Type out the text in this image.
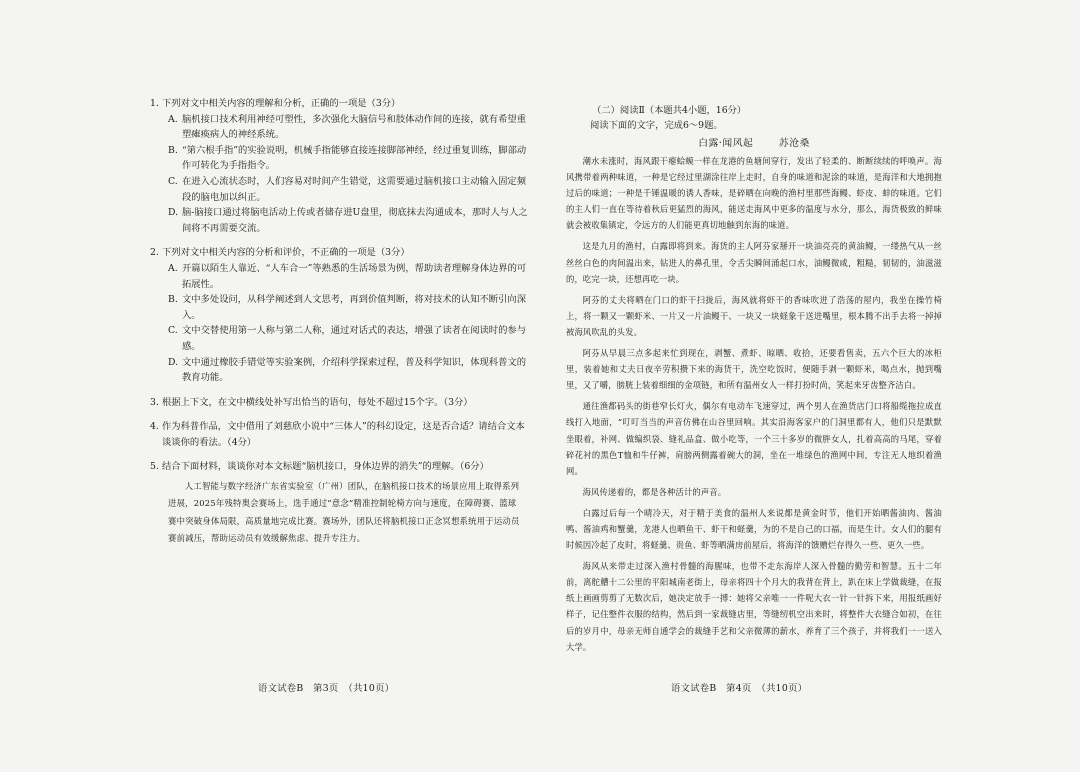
1. 下列对文中相关内容的理解和分析，正确的一项是（3分）
A. 脑机接口技术利用神经可塑性，多次强化大脑信号和肢体动作间的连接，就有希望重塑瘫痪病人的神经系统。
B. “第六根手指”的实验说明，机械手指能够直接连接脚部神经，经过重复训练，脚部动作可转化为手指指令。
C. 在进入心流状态时，人们容易对时间产生错觉，这需要通过脑机接口主动输入固定频段的脑电加以纠正。
D. 脑-脑接口通过将脑电活动上传或者储存进U盘里，彻底抹去沟通成本，那时人与人之间将不再需要交流。
2. 下列对文中相关内容的分析和评价，不正确的一项是（3分）
A. 开篇以陌生人靠近、“人车合一”等熟悉的生活场景为例，帮助读者理解身体边界的可拓展性。
B. 文中多处设问，从科学阐述到人文思考，再到价值判断，将对技术的认知不断引向深入。
C. 文中交替使用第一人称与第二人称，通过对话式的表达，增强了读者在阅读时的参与感。
D. 文中通过橡胶手错觉等实验案例，介绍科学探索过程，普及科学知识，体现科普文的教育功能。
3. 根据上下文，在文中横线处补写出恰当的语句，每处不超过15个字。（3分）
4. 作为科普作品，文中借用了刘慈欣小说中“三体人”的科幻设定，这是否合适？请结合文本谈谈你的看法。（4分）
5. 结合下面材料，谈谈你对本文标题“脑机接口，身体边界的消失”的理解。（6分）
人工智能与数字经济广东省实验室（广州）团队，在脑机接口技术的场景应用上取得系列进展，2025年残特奥会赛场上，选手通过“意念”精准控制轮椅方向与速度，在障碍赛、篮球赛中突破身体局限，高质量地完成比赛。赛场外，团队还将脑机接口正念冥想系统用于运动员赛前减压，帮助运动员有效缓解焦虑、提升专注力。
语文试卷B　第3页　（共10页）
（二）阅读Ⅱ（本题共4小题，16分）
阅读下面的文字，完成6～9题。
白露·闻风起	苏沧桑

潮水未涨时，海风跟干瘪蛤蟆一样在龙港的鱼塘间穿行，发出了轻柔的、断断续续的呼唤声。海风携带着两种味道，一种是它经过里湖涂往岸上走时，自身的味道和泥涂的味道，是海洋和大地拥抱过后的味道；一种是千锤温暖的诱人香味，是碎晒在向晚的渔村里那些海鳗、虾皮、蚌的味道。它们的主人们一直在等待着秋后更猛烈的海风，能送走海风中更多的温度与水分，那么，海货极致的鲜味就会被收集镇定，令远方的人们能更真切地触到东海的味道。

这是九月的渔村，白露即将到来。海货的主人阿芬家掰开一块油亮亮的黄油鳗，一缕热气从一丝丝丝白色的肉间温出来，钻进人的鼻孔里，令舌尖瞬间涌起口水，油鳗微咸，粗糙，韧韧的，油滋滋的，吃完一块，还想再吃一块。

阿芬的丈夫将晒在门口的虾干扫拢后，海风就将虾干的香味吹进了浩荡的屋内，我坐在操竹椅上，将一颗又一颗虾米、一片又一片油鳗干、一块又一块蛏象干送进嘴里，根本腾不出手去将一掉掉被海风吹乱的头发。

阿芬从早晨三点多起来忙到现在，剥蟹、煮虾、晾晒、收拾，还要看售卖，五六个巨大的冰柜里，装着她和丈夫日夜辛劳积攒下来的海货干，洗空吃饭时，便随手剥一颗虾米，喝点水，抛到嘴里，又了嚼，膀胱上装着细细的金项链，和所有温州女人一样打扮时尚，笑起来牙齿整齐洁白。

通往渔都码头的街巷窄长灯火，偶尔有电动车飞速穿过，两个男人在渔货店门口将船缆拖拉成直线打入地面，“叮叮当当的声音仿佛在山谷里回响。其实沿海客家户的门洞里都有人，他们只是默默坐眼着，补网、做编织袋、缝礼品盒、做小吃等，一个三十多岁的微胖女人，扎着高高的马尾，穿着碎花衬的黑色T恤和牛仔裤，肩膀两侧露着碗大的洞，坐在一堆绿色的渔网中间，专注无人地织着渔网。

海风传递着的，都是各种活计的声音。

白露过后每一个晴冷天，对于精于美食的温州人来说都是黄金时节，他们开始晒酱油肉、酱油鸭、酱油鸡和蟹羹，龙港人也晒鱼干、虾干和蛏羹，为的不是自己的口福，而是生计。女人们的腿有时候因冷起了皮时，将蛏羹、贵鱼、虾等晒满房前屋后，将海洋的馈赠烂存得久一些、更久一些。

海风从来带走过深入渔村骨髓的海腥味，也带不走东海岸人深入骨髓的勤劳和智慧。五十二年前，离舵艚十二公里的平阳城南老街上，母亲将四十个月大的我背在背上，趴在床上学做裁缝，在报纸上画画剪剪了无数次后，她决定放手一搏：她将父亲唯一一件呢大衣一针一针拆下来，用报纸画好样子，记住整件衣服的结构，然后到一家裁缝店里，等缝纫机空出来时，将整件大衣缝合如初，在往后的岁月中，母亲无师自通学会的裁缝手艺和父亲微薄的薪水，养育了三个孩子，并将我们一一送入大学。

语文试卷B　第4页　（共10页）
